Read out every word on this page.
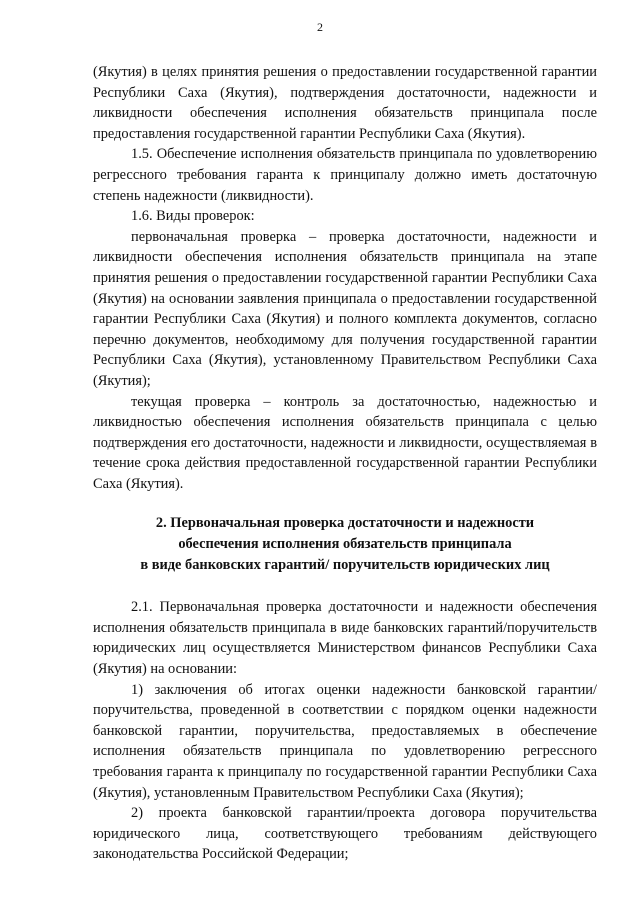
2

(Якутия) в целях принятия решения о предоставлении государственной гарантии Республики Саха (Якутия), подтверждения достаточности, надежности и ликвидности обеспечения исполнения обязательств принципала после предоставления государственной гарантии Республики Саха (Якутия).

1.5. Обеспечение исполнения обязательств принципала по удовлетворению регрессного требования гаранта к принципалу должно иметь достаточную степень надежности (ликвидности).

1.6. Виды проверок:

первоначальная проверка – проверка достаточности, надежности и ликвидности обеспечения исполнения обязательств принципала на этапе принятия решения о предоставлении государственной гарантии Республики Саха (Якутия) на основании заявления принципала о предоставлении государственной гарантии Республики Саха (Якутия) и полного комплекта документов, согласно перечню документов, необходимому для получения государственной гарантии Республики Саха (Якутия), установленному Правительством Республики Саха (Якутия);

текущая проверка – контроль за достаточностью, надежностью и ликвидностью обеспечения исполнения обязательств принципала с целью подтверждения его достаточности, надежности и ликвидности, осуществляемая в течение срока действия предоставленной государственной гарантии Республики Саха (Якутия).

2. Первоначальная проверка достаточности и надежности
обеспечения исполнения обязательств принципала
в виде банковских гарантий/ поручительств юридических лиц

2.1. Первоначальная проверка достаточности и надежности обеспечения исполнения обязательств принципала в виде банковских гарантий/поручительств юридических лиц осуществляется Министерством финансов Республики Саха (Якутия) на основании:

1) заключения об итогах оценки надежности банковской гарантии/ поручительства, проведенной в соответствии с порядком оценки надежности банковской гарантии, поручительства, предоставляемых в обеспечение исполнения обязательств принципала по удовлетворению регрессного требования гаранта к принципалу по государственной гарантии Республики Саха (Якутия), установленным Правительством Республики Саха (Якутия);

2) проекта банковской гарантии/проекта договора поручительства юридического лица, соответствующего требованиям действующего законодательства Российской Федерации;
